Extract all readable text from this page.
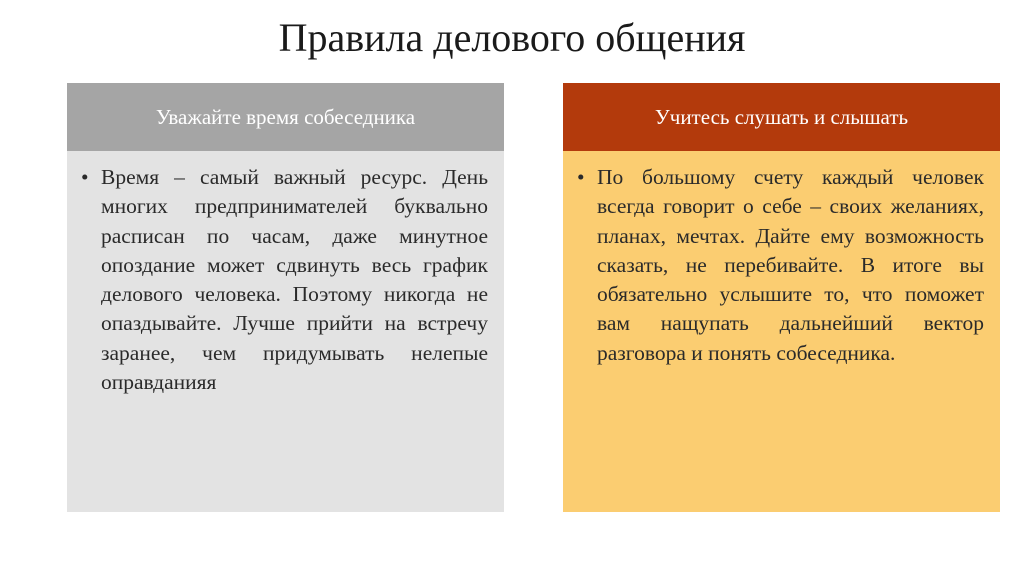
Правила делового общения
Уважайте время собеседника
• Время – самый важный ресурс. День многих предпринимателей буквально расписан по часам, даже минутное опоздание может сдвинуть весь график делового человека. Поэтому никогда не опаздывайте. Лучше прийти на встречу заранее, чем придумывать нелепые оправданияя

Учитесь слушать и слышать
• По большому счету каждый человек всегда говорит о себе – своих желаниях, планах, мечтах. Дайте ему возможность сказать, не перебивайте. В итоге вы обязательно услышите то, что поможет вам нащупать дальнейший вектор разговора и понять собеседника.
